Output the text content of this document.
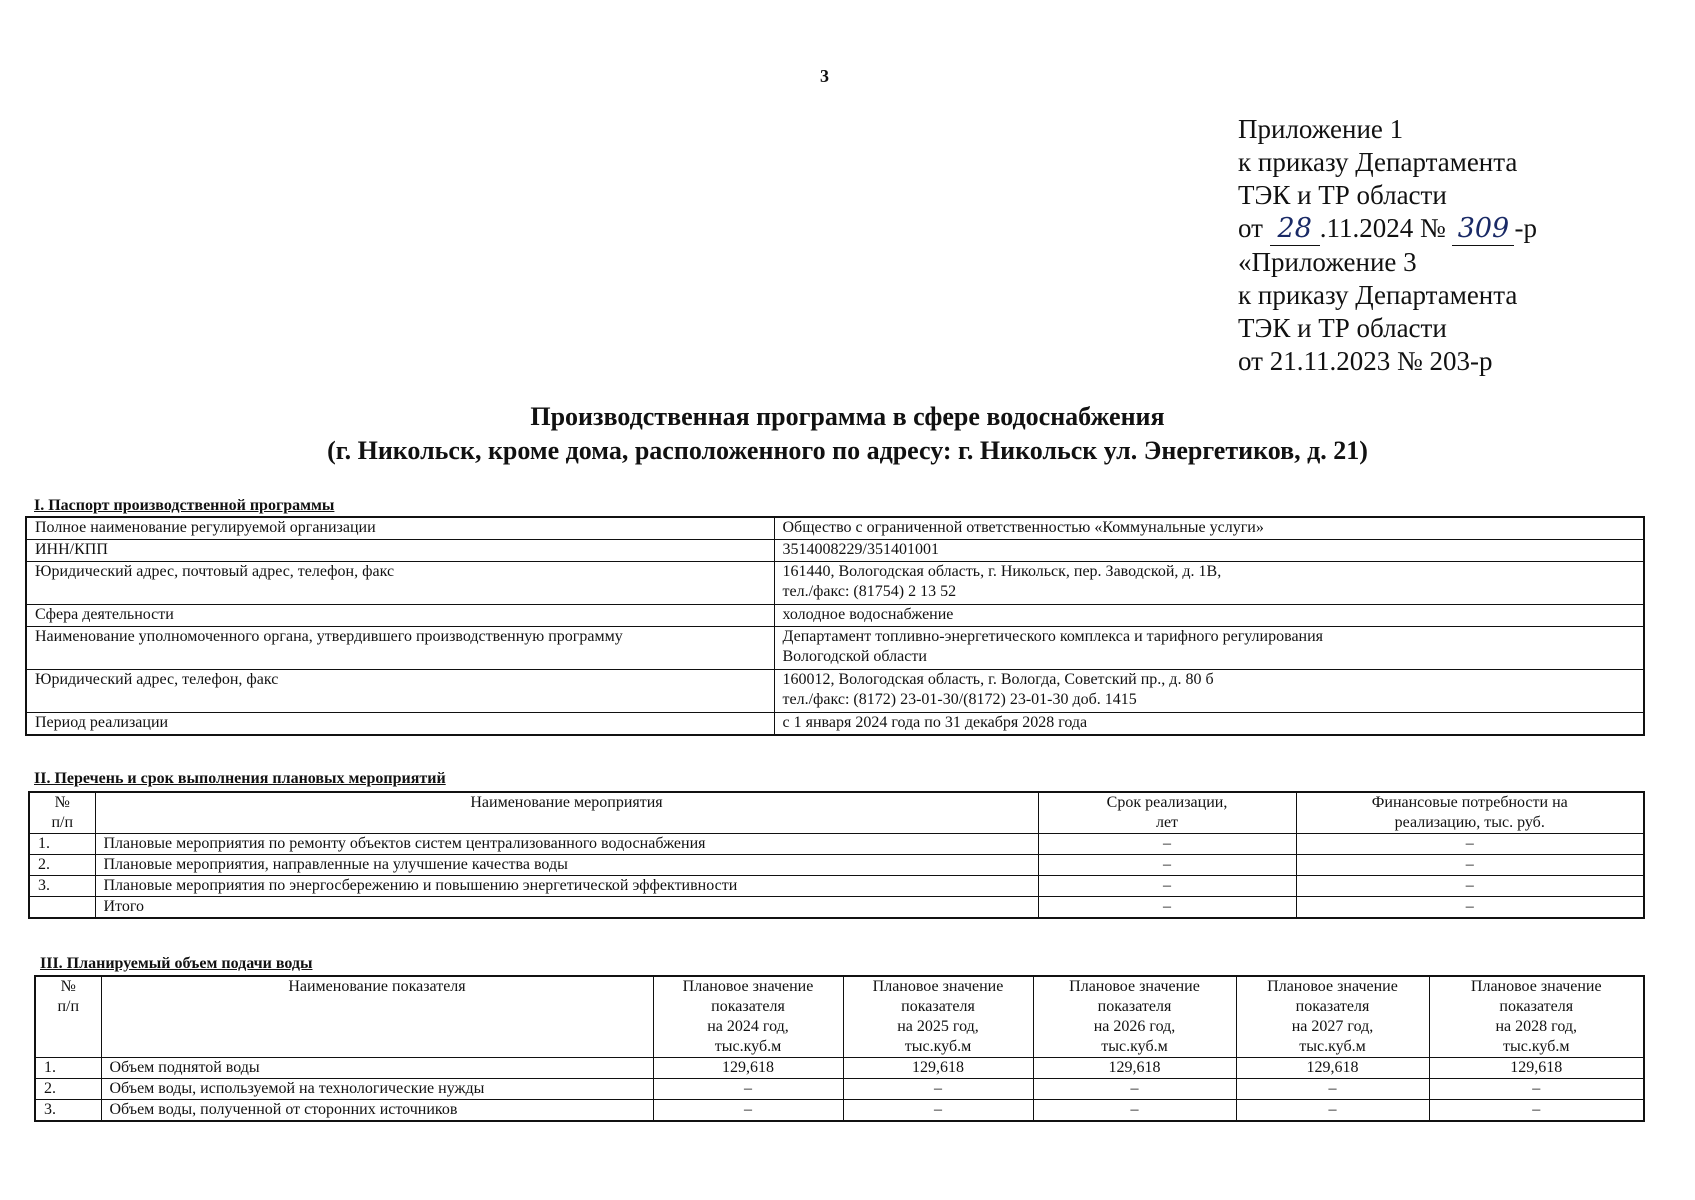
3
Приложение 1
к приказу Департамента
ТЭК и ТР области
от 28 .11.2024 № 309 -р
«Приложение 3
к приказу Департамента
ТЭК и ТР области
от 21.11.2023 № 203-р
Производственная программа в сфере водоснабжения
(г. Никольск, кроме дома, расположенного по адресу: г. Никольск ул. Энергетиков, д. 21)
I. Паспорт производственной программы
Полное наименование регулируемой организации	Общество с ограниченной ответственностью «Коммунальные услуги»

ИНН/КПП	3514008229/351401001

Юридический адрес, почтовый адрес, телефон, факс	161440, Вологодская область, г. Никольск, пер. Заводской, д. 1В,
тел./факс: (81754) 2 13 52

Сфера деятельности	холодное водоснабжение

Наименование уполномоченного органа, утвердившего производственную программу	Департамент топливно-энергетического комплекса и тарифного регулирования
Вологодской области

Юридический адрес, телефон, факс	160012, Вологодская область, г. Вологда, Советский пр., д. 80 б
тел./факс: (8172) 23-01-30/(8172) 23-01-30 доб. 1415

Период реализации	с 1 января 2024 года по 31 декабря 2028 года
II. Перечень и срок выполнения плановых мероприятий
№
п/п	Наименование мероприятия	Срок реализации,
лет	Финансовые потребности на
реализацию, тыс. руб.
1.	Плановые мероприятия по ремонту объектов систем централизованного водоснабжения	–	–
2.	Плановые мероприятия, направленные на улучшение качества воды	–	–
3.	Плановые мероприятия по энергосбережению и повышению энергетической эффективности	–	–
	Итого	–	–
III. Планируемый объем подачи воды
№
п/п	Наименование показателя	Плановое значение
показателя
на 2024 год,
тыс.куб.м	Плановое значение
показателя
на 2025 год,
тыс.куб.м	Плановое значение
показателя
на 2026 год,
тыс.куб.м	Плановое значение
показателя
на 2027 год,
тыс.куб.м	Плановое значение
показателя
на 2028 год,
тыс.куб.м
1.	Объем поднятой воды	129,618	129,618	129,618	129,618	129,618
2.	Объем воды, используемой на технологические нужды	–	–	–	–	–
3.	Объем воды, полученной от сторонних источников	–	–	–	–	–
